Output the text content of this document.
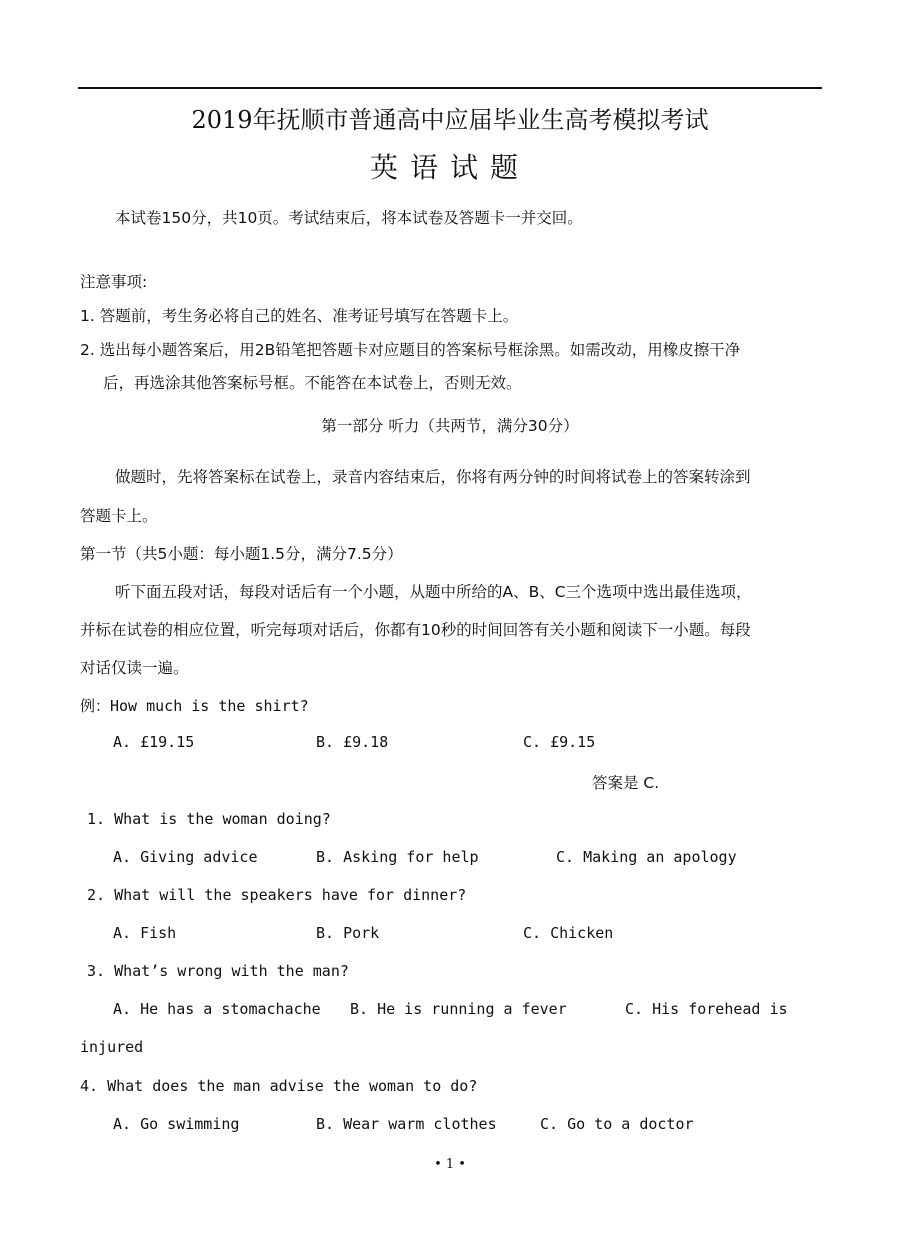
2019年抚顺市普通高中应届毕业生高考模拟考试
英语试题
本试卷150分，共10页。考试结束后，将本试卷及答题卡一并交回。
注意事项:
1. 答题前，考生务必将自己的姓名、准考证号填写在答题卡上。
2. 选出每小题答案后，用2B铅笔把答题卡对应题目的答案标号框涂黑。如需改动，用橡皮擦干净
后，再选涂其他答案标号框。不能答在本试卷上，否则无效。
第一部分 听力（共两节，满分30分）
做题时，先将答案标在试卷上，录音内容结束后，你将有两分钟的时间将试卷上的答案转涂到
答题卡上。
第一节（共5小题：每小题1.5分，满分7.5分）
听下面五段对话，每段对话后有一个小题，从题中所给的A、B、C三个选项中选出最佳选项，
并标在试卷的相应位置，听完每项对话后，你都有10秒的时间回答有关小题和阅读下一小题。每段
对话仅读一遍。
例：How much is the shirt?
A. £19.15	B. £9.18	C. £9.15
答案是 C.
1. What is the woman doing?
A. Giving advice	B. Asking for help	C. Making an apology
2. What will the speakers have for dinner?
A. Fish	B. Pork	C. Chicken
3. What’s wrong with the man?
A. He has a stomachache B. He is running a fever	C. His forehead is
injured
4. What does the man advise the woman to do?
A. Go swimming	B. Wear warm clothes	C. Go to a doctor
• 1 •
